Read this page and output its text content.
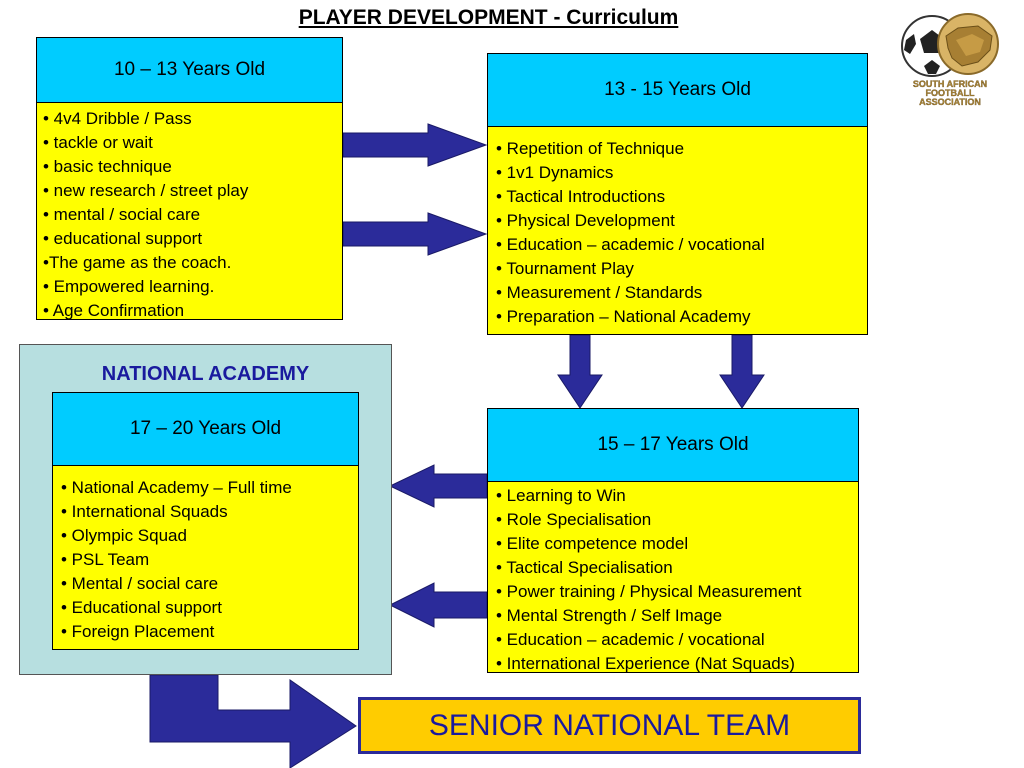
PLAYER DEVELOPMENT - Curriculum
SOUTH AFRICAN FOOTBALL ASSOCIATION
10 – 13 Years Old
• 4v4 Dribble / Pass
• tackle or wait
• basic technique
• new research / street play
• mental / social care
• educational support
•The game as the coach.
• Empowered learning.
• Age Confirmation
13 - 15 Years Old
• Repetition of Technique
• 1v1 Dynamics
• Tactical Introductions
• Physical Development
• Education – academic / vocational
• Tournament Play
• Measurement / Standards
• Preparation – National Academy
NATIONAL ACADEMY
17 – 20 Years Old
• National Academy – Full time
• International Squads
• Olympic Squad
• PSL Team
• Mental / social care
• Educational support
• Foreign Placement
15 – 17 Years Old
• Learning to Win
• Role Specialisation
• Elite competence model
• Tactical Specialisation
• Power training / Physical Measurement
• Mental Strength / Self Image
• Education – academic / vocational
• International Experience (Nat Squads)
SENIOR NATIONAL TEAM
